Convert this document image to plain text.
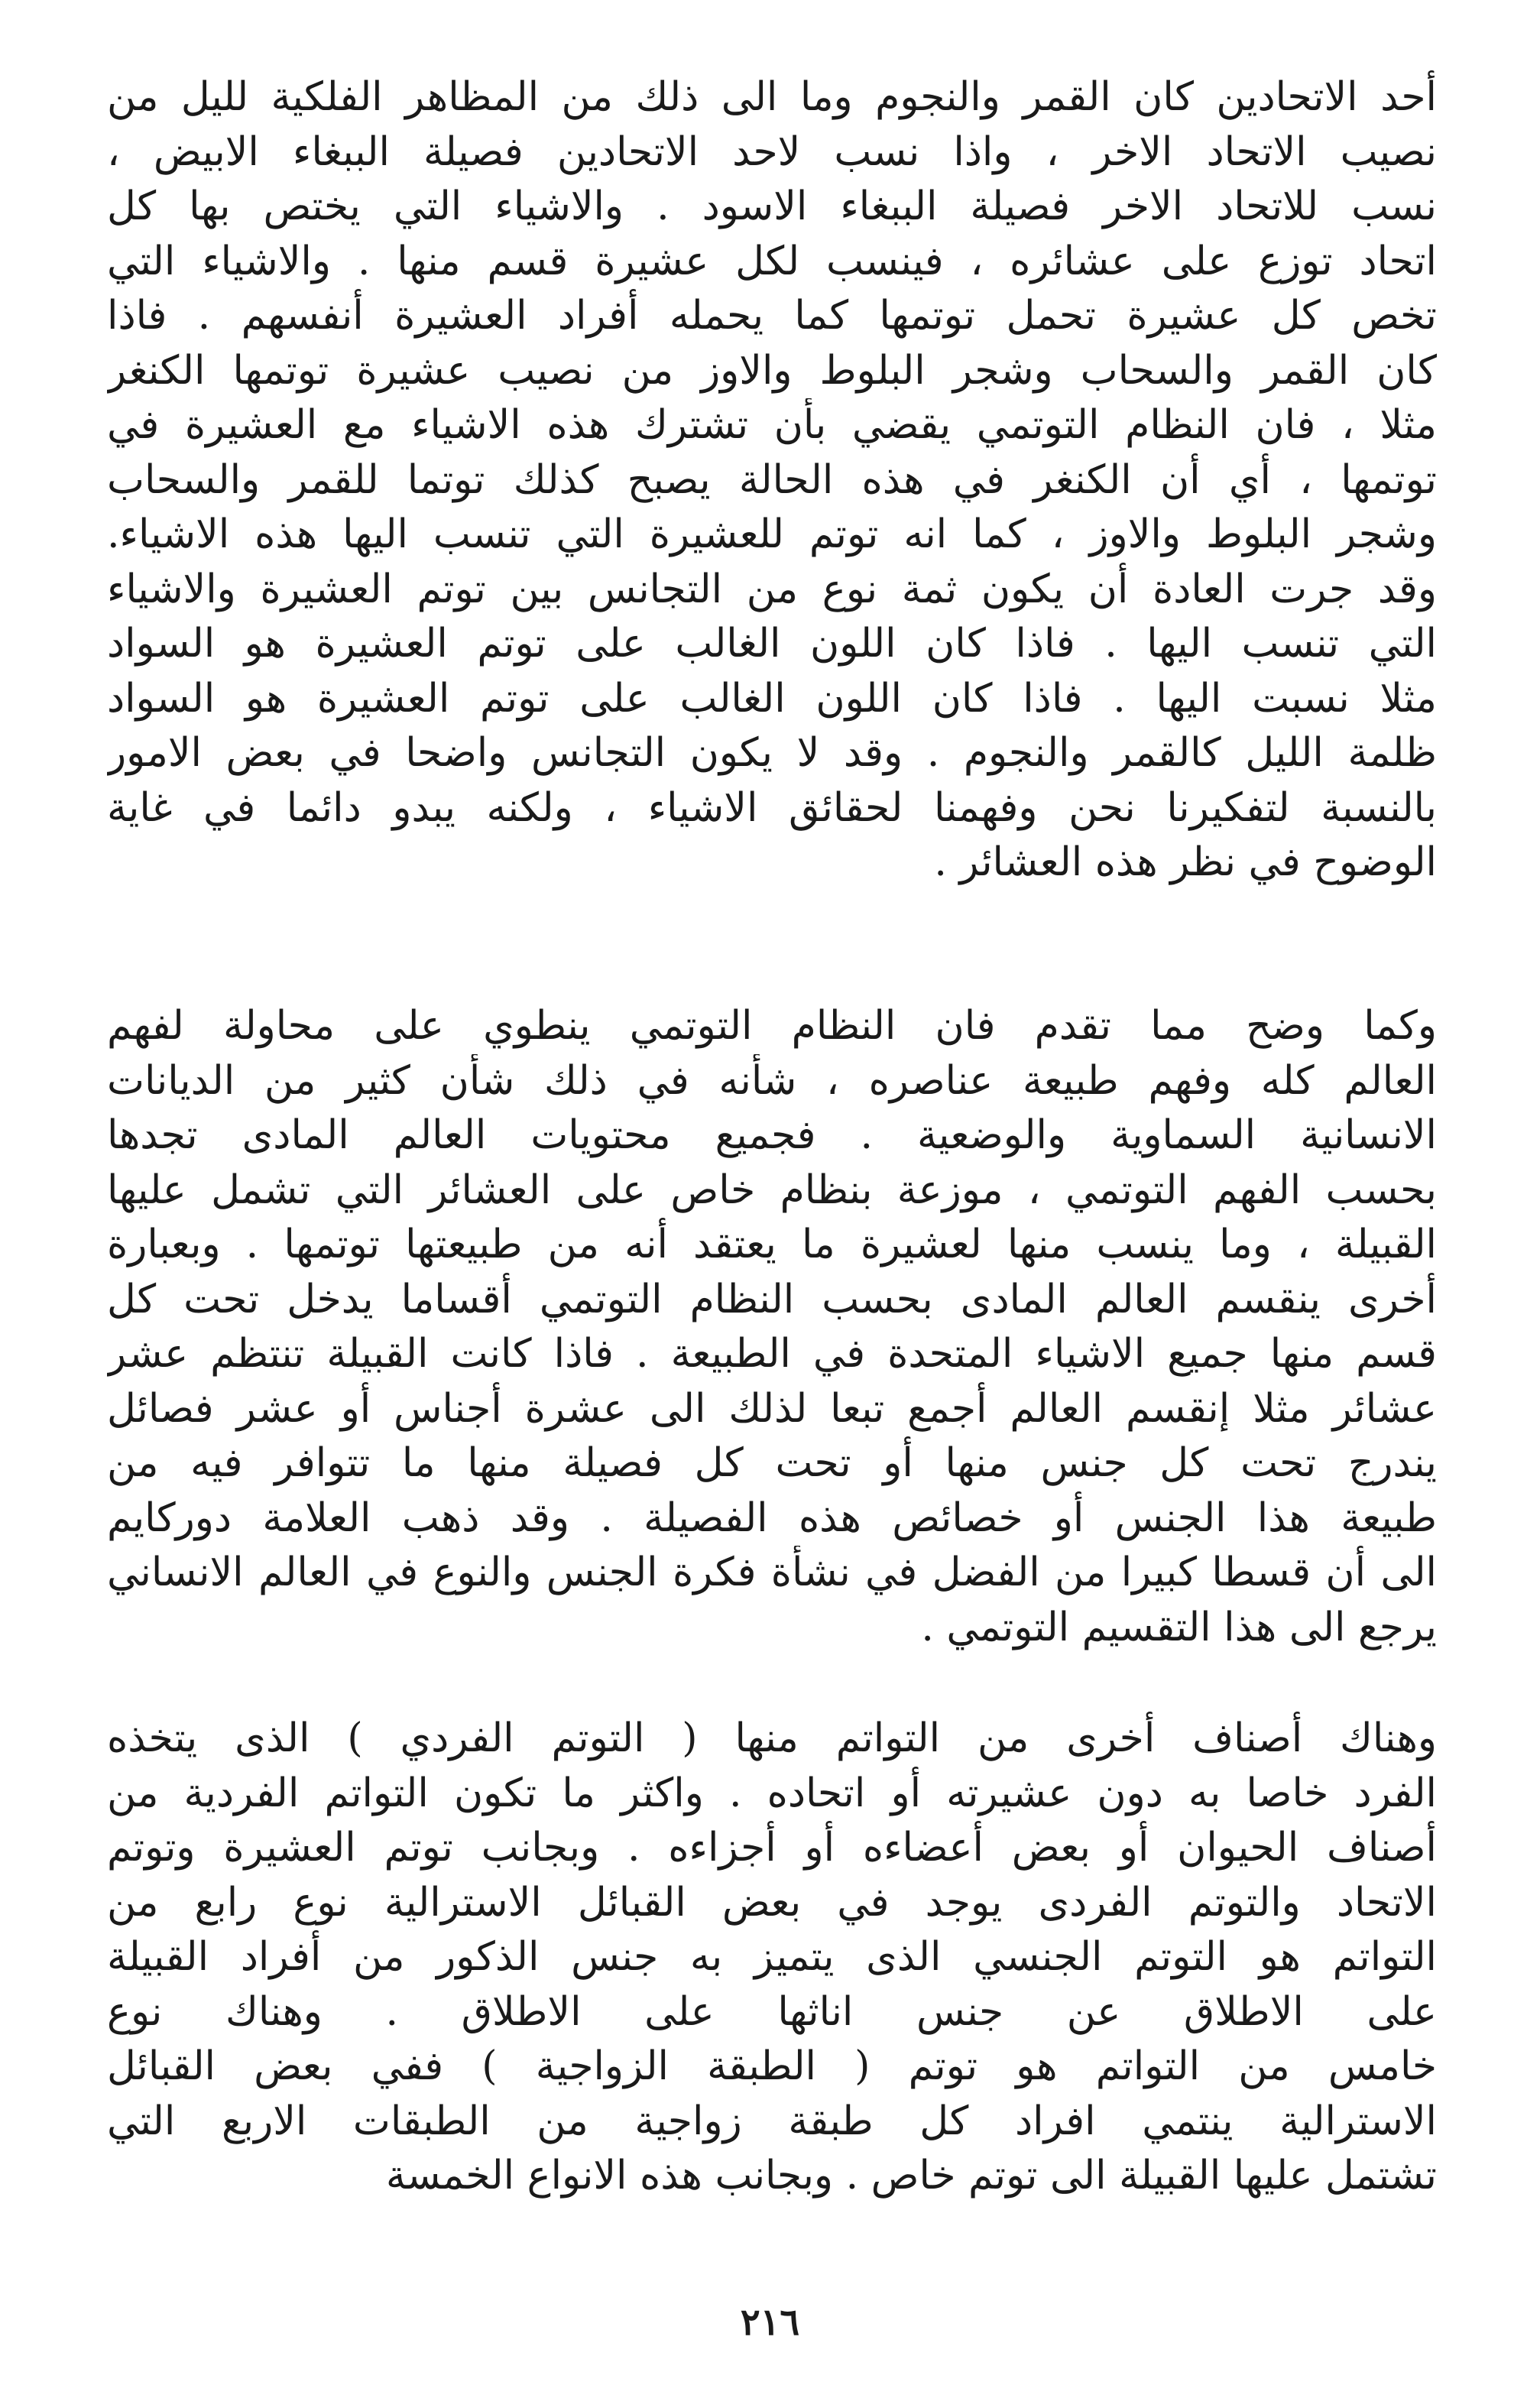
أحد الاتحادين كان القمر والنجوم وما الى ذلك من المظاهر الفلكية لليل من
نصيب الاتحاد الاخر ، واذا نسب لاحد الاتحادين فصيلة الببغاء الابيض ،
نسب للاتحاد الاخر فصيلة الببغاء الاسود . والاشياء التي يختص بها كل
اتحاد توزع على عشائره ، فينسب لكل عشيرة قسم منها . والاشياء التي
تخص كل عشيرة تحمل توتمها كما يحمله أفراد العشيرة أنفسهم . فاذا
كان القمر والسحاب وشجر البلوط والاوز من نصيب عشيرة توتمها الكنغر
مثلا ، فان النظام التوتمي يقضي بأن تشترك هذه الاشياء مع العشيرة في
توتمها ، أي أن الكنغر في هذه الحالة يصبح كذلك توتما للقمر والسحاب
وشجر البلوط والاوز ، كما انه توتم للعشيرة التي تنسب اليها هذه الاشياء.
وقد جرت العادة أن يكون ثمة نوع من التجانس بين توتم العشيرة والاشياء
التي تنسب اليها . فاذا كان اللون الغالب على توتم العشيرة هو السواد
مثلا نسبت اليها . فاذا كان اللون الغالب على توتم العشيرة هو السواد
ظلمة الليل كالقمر والنجوم . وقد لا يكون التجانس واضحا في بعض الامور
بالنسبة لتفكيرنا نحن وفهمنا لحقائق الاشياء ، ولكنه يبدو دائما في غاية
الوضوح في نظر هذه العشائر .
وكما وضح مما تقدم فان النظام التوتمي ينطوي على محاولة لفهم
العالم كله وفهم طبيعة عناصره ، شأنه في ذلك شأن كثير من الديانات
الانسانية السماوية والوضعية . فجميع محتويات العالم المادى تجدها
بحسب الفهم التوتمي ، موزعة بنظام خاص على العشائر التي تشمل عليها
القبيلة ، وما ينسب منها لعشيرة ما يعتقد أنه من طبيعتها توتمها . وبعبارة
أخرى ينقسم العالم المادى بحسب النظام التوتمي أقساما يدخل تحت كل
قسم منها جميع الاشياء المتحدة في الطبيعة . فاذا كانت القبيلة تنتظم عشر
عشائر مثلا إنقسم العالم أجمع تبعا لذلك الى عشرة أجناس أو عشر فصائل
يندرج تحت كل جنس منها أو تحت كل فصيلة منها ما تتوافر فيه من
طبيعة هذا الجنس أو خصائص هذه الفصيلة . وقد ذهب العلامة دوركايم
الى أن قسطا كبيرا من الفضل في نشأة فكرة الجنس والنوع في العالم الانساني
يرجع الى هذا التقسيم التوتمي .
وهناك أصناف أخرى من التواتم منها ( التوتم الفردي ) الذى يتخذه
الفرد خاصا به دون عشيرته أو اتحاده . واكثر ما تكون التواتم الفردية من
أصناف الحيوان أو بعض أعضاءه أو أجزاءه . وبجانب توتم العشيرة وتوتم
الاتحاد والتوتم الفردى يوجد في بعض القبائل الاسترالية نوع رابع من
التواتم هو التوتم الجنسي الذى يتميز به جنس الذكور من أفراد القبيلة
على الاطلاق عن جنس اناثها على الاطلاق . وهناك نوع
خامس من التواتم هو توتم ( الطبقة الزواجية ) ففي بعض القبائل
الاسترالية ينتمي افراد كل طبقة زواجية من الطبقات الاربع التي
تشتمل عليها القبيلة الى توتم خاص . وبجانب هذه الانواع الخمسة
٢١٦
